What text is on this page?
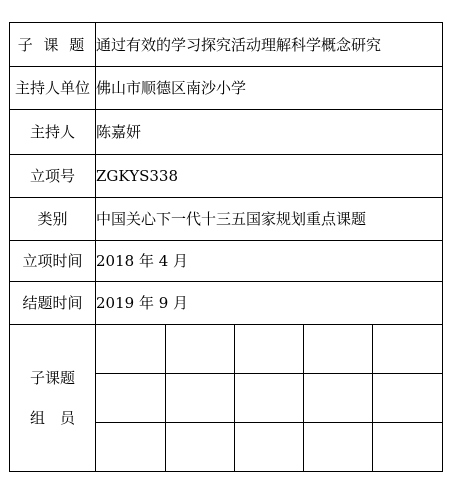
子 课 题	通过有效的学习探究活动理解科学概念研究				
主持人单位	佛山市顺德区南沙小学				
主持人	陈嘉妍				
立项号	ZGKYS338				
类别	中国关心下一代十三五国家规划重点课题				
立项时间	2018 年 4 月				
结题时间	2019 年 9 月				

子课题
组　员					
